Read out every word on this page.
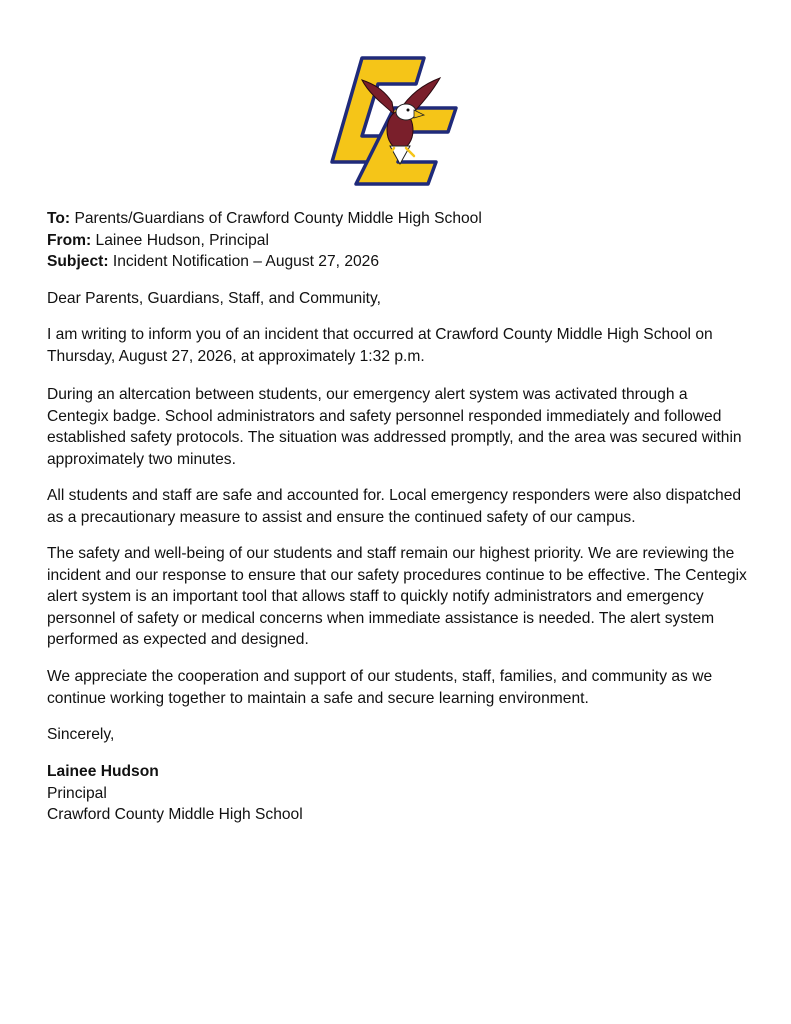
To: Parents/Guardians of Crawford County Middle High School
From: Lainee Hudson, Principal
Subject: Incident Notification – August 27, 2026
Dear Parents, Guardians, Staff, and Community,
I am writing to inform you of an incident that occurred at Crawford County Middle High School on
Thursday, August 27, 2026, at approximately 1:32 p.m.
During an altercation between students, our emergency alert system was activated through a
Centegix badge. School administrators and safety personnel responded immediately and followed
established safety protocols. The situation was addressed promptly, and the area was secured within
approximately two minutes.
All students and staff are safe and accounted for. Local emergency responders were also dispatched
as a precautionary measure to assist and ensure the continued safety of our campus.
The safety and well-being of our students and staff remain our highest priority. We are reviewing the
incident and our response to ensure that our safety procedures continue to be effective. The Centegix
alert system is an important tool that allows staff to quickly notify administrators and emergency
personnel of safety or medical concerns when immediate assistance is needed. The alert system
performed as expected and designed.
We appreciate the cooperation and support of our students, staff, families, and community as we
continue working together to maintain a safe and secure learning environment.
Sincerely,
Lainee Hudson
Principal
Crawford County Middle High School
